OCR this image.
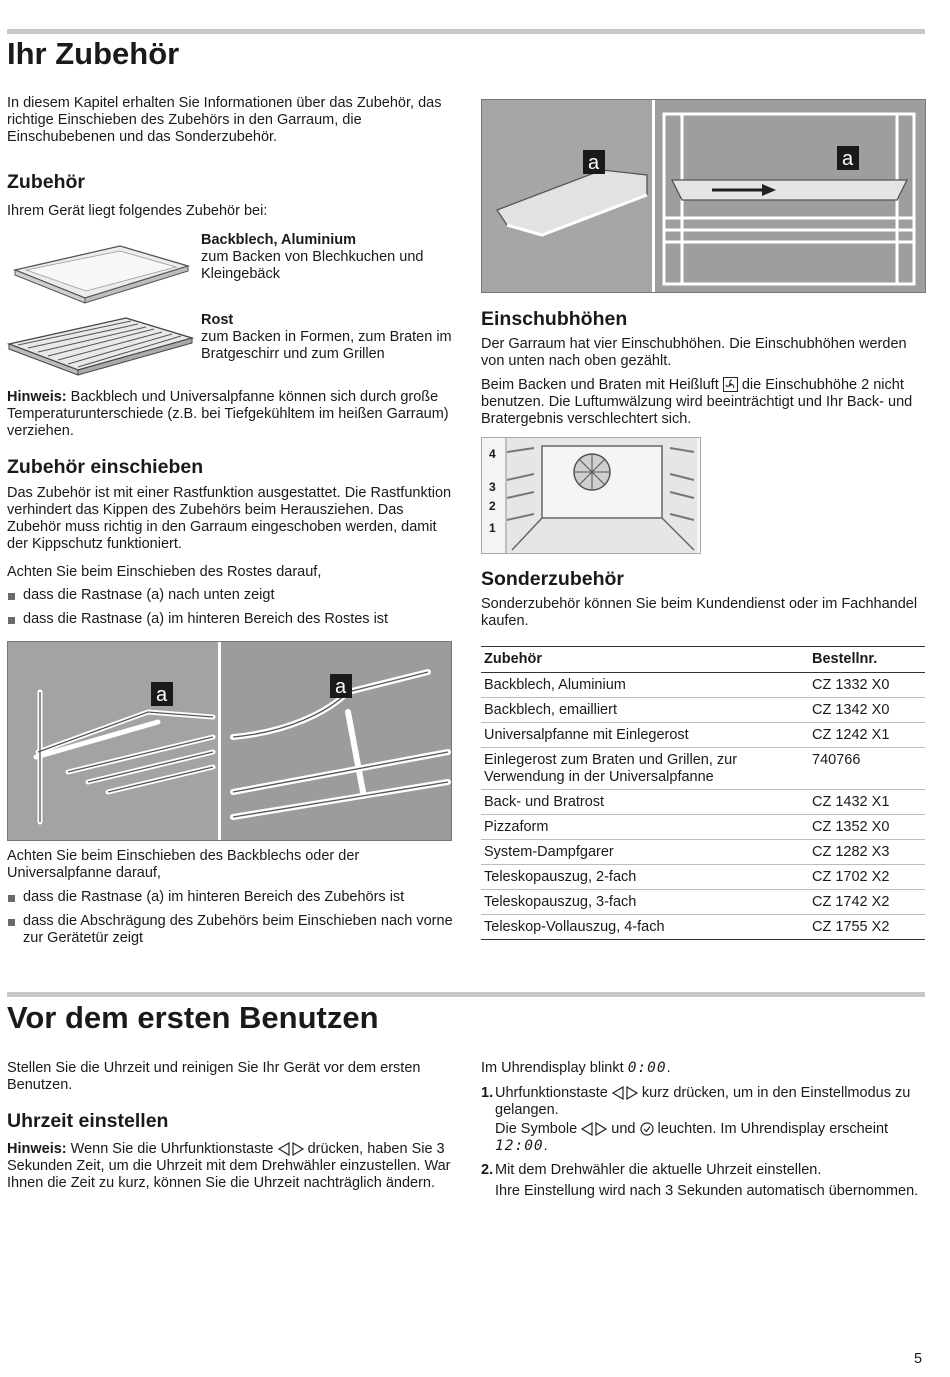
Ihr Zubehör

In diesem Kapitel erhalten Sie Informationen über das Zubehör, das richtige Einschieben des Zubehörs in den Garraum, die Einschubebenen und das Sonderzubehör.

Zubehör

Ihrem Gerät liegt folgendes Zubehör bei:

Backblech, Aluminium

zum Backen von Blechkuchen und Kleingebäck

Rost

zum Backen in Formen, zum Braten im Bratgeschirr und zum Grillen

Hinweis: Backblech und Universalpfanne können sich durch große Temperaturunterschiede (z.B. bei Tiefgekühltem im heißen Garraum) verziehen.

Zubehör einschieben

Das Zubehör ist mit einer Rastfunktion ausgestattet. Die Rastfunktion verhindert das Kippen des Zubehörs beim Herausziehen. Das Zubehör muss richtig in den Garraum eingeschoben werden, damit der Kippschutz funktioniert.

Achten Sie beim Einschieben des Rostes darauf,

dass die Rastnase (a) nach unten zeigt
dass die Rastnase (a) im hinteren Bereich des Rostes ist
a	a

Achten Sie beim Einschieben des Backblechs oder der Universalpfanne darauf,

dass die Rastnase (a) im hinteren Bereich des Zubehörs ist
dass die Abschrägung des Zubehörs beim Einschieben nach vorne zur Gerätetür zeigt
a	a
Einschubhöhen

Der Garraum hat vier Einschubhöhen. Die Einschubhöhen werden von unten nach oben gezählt.

Beim Backen und Braten mit Heißluft die Einschubhöhe 2 nicht benutzen. Die Luftumwälzung wird beeinträchtigt und Ihr Back- und Bratergebnis verschlechtert sich.

4
3
2
1
Sonderzubehör

Sonderzubehör können Sie beim Kundendienst oder im Fachhandel kaufen.

Zubehör	Bestellnr.
Backblech, Aluminium	CZ 1332 X0
Backblech, emailliert	CZ 1342 X0
Universalpfanne mit Einlegerost	CZ 1242 X1
Einlegerost zum Braten und Grillen, zur Verwendung in der Universalpfanne	740766
Back- und Bratrost	CZ 1432 X1
Pizzaform	CZ 1352 X0
System-Dampfgarer	CZ 1282 X3
Teleskopauszug, 2-fach	CZ 1702 X2
Teleskopauszug, 3-fach	CZ 1742 X2
Teleskop-Vollauszug, 4-fach	CZ 1755 X2
Vor dem ersten Benutzen

Stellen Sie die Uhrzeit und reinigen Sie Ihr Gerät vor dem ersten Benutzen.

Uhrzeit einstellen

Hinweis: Wenn Sie die Uhrfunktionstaste drücken, haben Sie 3 Sekunden Zeit, um die Uhrzeit mit dem Drehwähler einzustellen. War Ihnen die Zeit zu kurz, können Sie die Uhrzeit nachträglich ändern.

Im Uhrendisplay blinkt 0:00.

1. Uhrfunktionstaste kurz drücken, um in den Einstellmodus zu gelangen.

Die Symbole und leuchten. Im Uhrendisplay erscheint 12:00.

2. Mit dem Drehwähler die aktuelle Uhrzeit einstellen.

Ihre Einstellung wird nach 3 Sekunden automatisch übernommen.

5
